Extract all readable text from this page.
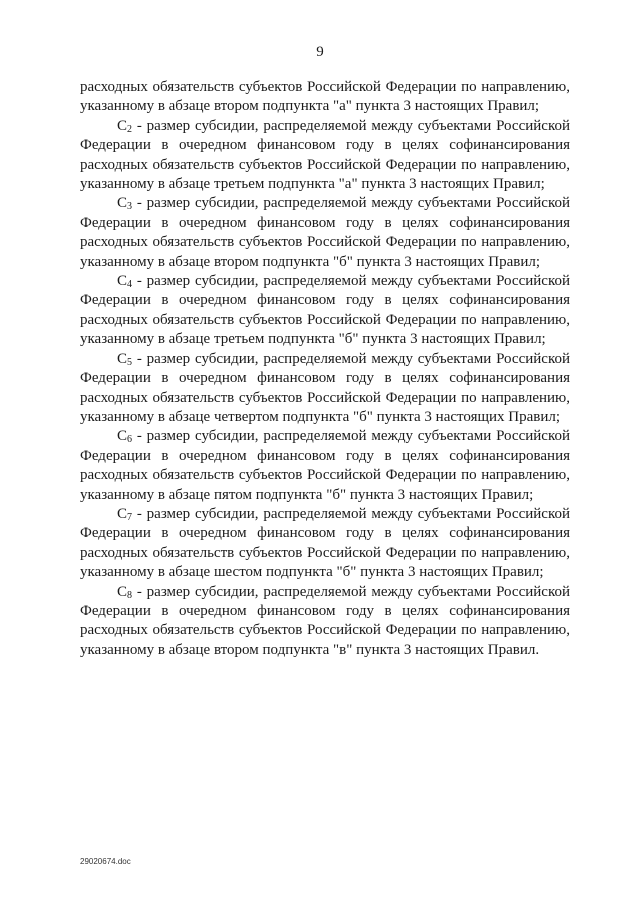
9

расходных обязательств субъектов Российской Федерации по направлению, указанному в абзаце втором подпункта "а" пункта 3 настоящих Правил;

$C_2$ - размер субсидии, распределяемой между субъектами Российской Федерации в очередном финансовом году в целях софинансирования расходных обязательств субъектов Российской Федерации по направлению, указанному в абзаце третьем подпункта "а" пункта 3 настоящих Правил;

$C_3$ - размер субсидии, распределяемой между субъектами Российской Федерации в очередном финансовом году в целях софинансирования расходных обязательств субъектов Российской Федерации по направлению, указанному в абзаце втором подпункта "б" пункта 3 настоящих Правил;

$C_4$ - размер субсидии, распределяемой между субъектами Российской Федерации в очередном финансовом году в целях софинансирования расходных обязательств субъектов Российской Федерации по направлению, указанному в абзаце третьем подпункта "б" пункта 3 настоящих Правил;

$C_5$ - размер субсидии, распределяемой между субъектами Российской Федерации в очередном финансовом году в целях софинансирования расходных обязательств субъектов Российской Федерации по направлению, указанному в абзаце четвертом подпункта "б" пункта 3 настоящих Правил;

$C_6$ - размер субсидии, распределяемой между субъектами Российской Федерации в очередном финансовом году в целях софинансирования расходных обязательств субъектов Российской Федерации по направлению, указанному в абзаце пятом подпункта "б" пункта 3 настоящих Правил;

$C_7$ - размер субсидии, распределяемой между субъектами Российской Федерации в очередном финансовом году в целях софинансирования расходных обязательств субъектов Российской Федерации по направлению, указанному в абзаце шестом подпункта "б" пункта 3 настоящих Правил;

$C_8$ - размер субсидии, распределяемой между субъектами Российской Федерации в очередном финансовом году в целях софинансирования расходных обязательств субъектов Российской Федерации по направлению, указанному в абзаце втором подпункта "в" пункта 3 настоящих Правил.

29020674.doc
